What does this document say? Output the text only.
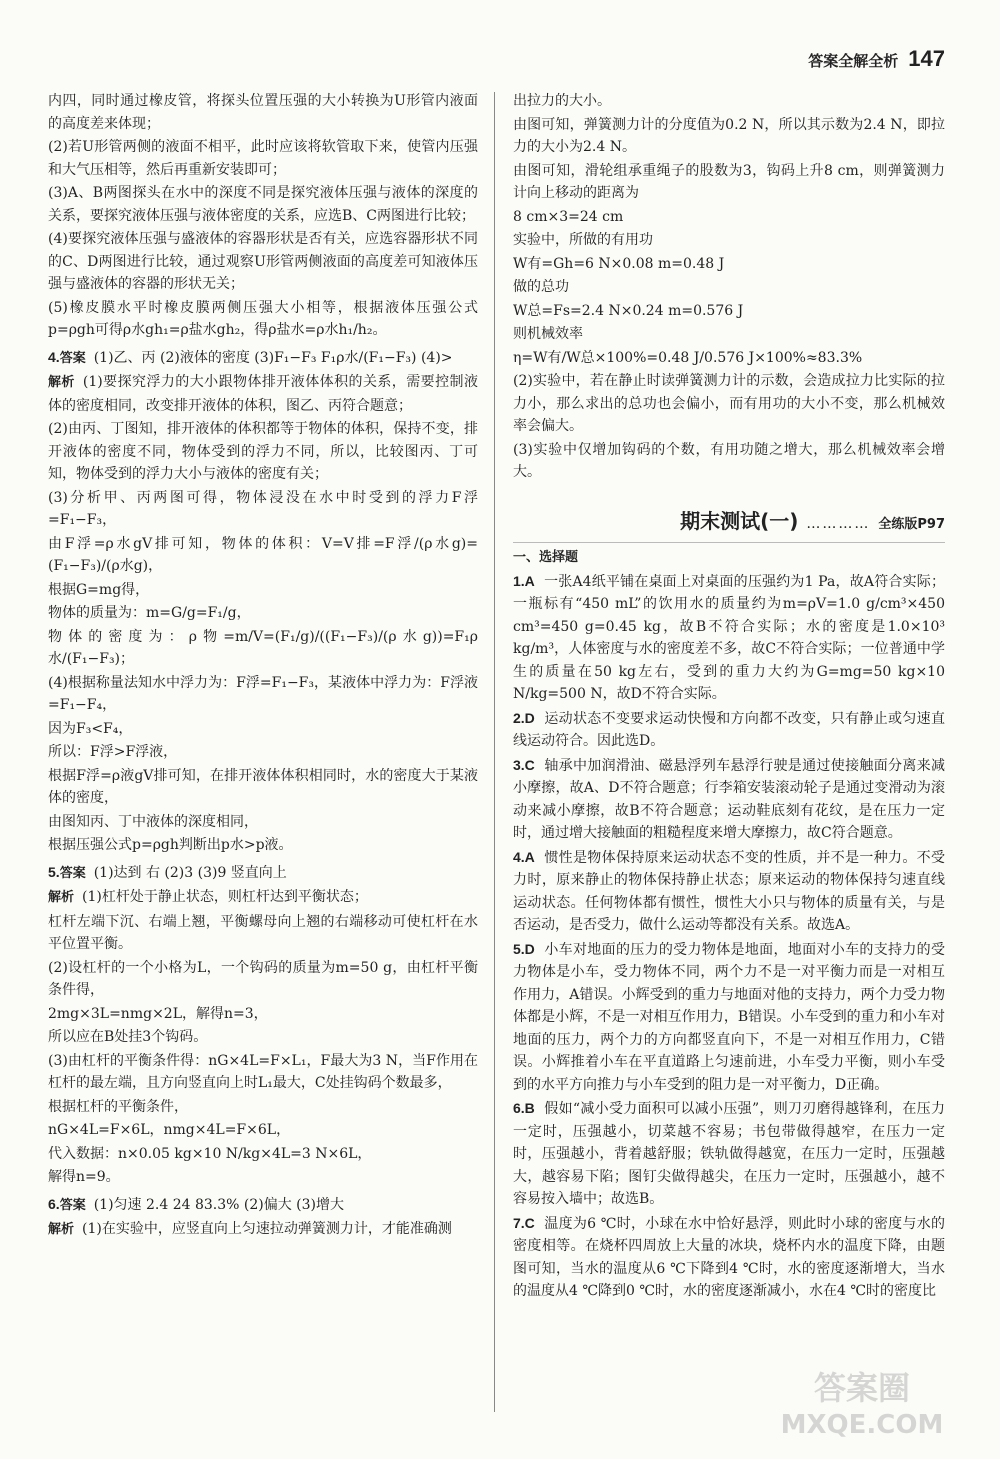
答案全解全析 147

内四，同时通过橡皮管，将探头位置压强的大小转换为U形管内液面的高度差来体现；

(2)若U形管两侧的液面不相平，此时应该将软管取下来，使管内压强和大气压相等，然后再重新安装即可；

(3)A、B两图探头在水中的深度不同是探究液体压强与液体的深度的关系，要探究液体压强与液体密度的关系，应选B、C两图进行比较；

(4)要探究液体压强与盛液体的容器形状是否有关，应选容器形状不同的C、D两图进行比较，通过观察U形管两侧液面的高度差可知液体压强与盛液体的容器的形状无关；

(5)橡皮膜水平时橡皮膜两侧压强大小相等，根据液体压强公式p=ρgh可得ρ水gh₁=ρ盐水gh₂，得ρ盐水=ρ水h₁/h₂。

4.答案 (1)乙、丙 (2)液体的密度 (3)F₁−F₃ F₁ρ水/(F₁−F₃) (4)>

解析 (1)要探究浮力的大小跟物体排开液体体积的关系，需要控制液体的密度相同，改变排开液体的体积，图乙、丙符合题意；

(2)由丙、丁图知，排开液体的体积都等于物体的体积，保持不变，排开液体的密度不同，物体受到的浮力不同，所以，比较图丙、丁可知，物体受到的浮力大小与液体的密度有关；

(3)分析甲、丙两图可得，物体浸没在水中时受到的浮力F浮=F₁−F₃，

由F浮=ρ水gV排可知，物体的体积：V=V排=F浮/(ρ水g)=(F₁−F₃)/(ρ水g)，

根据G=mg得，

物体的质量为：m=G/g=F₁/g，

物体的密度为：ρ物=m/V=(F₁/g)/((F₁−F₃)/(ρ水g))=F₁ρ水/(F₁−F₃)；

(4)根据称量法知水中浮力为：F浮=F₁−F₃，某液体中浮力为：F浮液=F₁−F₄，

因为F₃<F₄，

所以：F浮>F浮液，

根据F浮=ρ液gV排可知，在排开液体体积相同时，水的密度大于某液体的密度，

由图知丙、丁中液体的深度相同，

根据压强公式p=ρgh判断出p水>p液。

5.答案 (1)达到 右 (2)3 (3)9 竖直向上

解析 (1)杠杆处于静止状态，则杠杆达到平衡状态；

杠杆左端下沉、右端上翘，平衡螺母向上翘的右端移动可使杠杆在水平位置平衡。

(2)设杠杆的一个小格为L，一个钩码的质量为m=50 g，由杠杆平衡条件得，

2mg×3L=nmg×2L，解得n=3，

所以应在B处挂3个钩码。

(3)由杠杆的平衡条件得：nG×4L=F×L₁，F最大为3 N，当F作用在杠杆的最左端，且方向竖直向上时L₁最大，C处挂钩码个数最多，

根据杠杆的平衡条件，

nG×4L=F×6L，nmg×4L=F×6L，

代入数据：n×0.05 kg×10 N/kg×4L=3 N×6L，

解得n=9。

6.答案 (1)匀速 2.4 24 83.3% (2)偏大 (3)增大

解析 (1)在实验中，应竖直向上匀速拉动弹簧测力计，才能准确测

出拉力的大小。

由图可知，弹簧测力计的分度值为0.2 N，所以其示数为2.4 N，即拉力的大小为2.4 N。

由图可知，滑轮组承重绳子的股数为3，钩码上升8 cm，则弹簧测力计向上移动的距离为

8 cm×3=24 cm

实验中，所做的有用功

W有=Gh=6 N×0.08 m=0.48 J

做的总功

W总=Fs=2.4 N×0.24 m=0.576 J

则机械效率

η=W有/W总×100%=0.48 J/0.576 J×100%≈83.3%

(2)实验中，若在静止时读弹簧测力计的示数，会造成拉力比实际的拉力小，那么求出的总功也会偏小，而有用功的大小不变，那么机械效率会偏大。

(3)实验中仅增加钩码的个数，有用功随之增大，那么机械效率会增大。

期末测试(一) ………… 全练版P97
一、选择题

1.A 一张A4纸平铺在桌面上对桌面的压强约为1 Pa，故A符合实际；一瓶标有“450 mL”的饮用水的质量约为m=ρV=1.0 g/cm³×450 cm³=450 g=0.45 kg，故B不符合实际；水的密度是1.0×10³ kg/m³，人体密度与水的密度差不多，故C不符合实际；一位普通中学生的质量在50 kg左右，受到的重力大约为G=mg=50 kg×10 N/kg=500 N，故D不符合实际。

2.D 运动状态不变要求运动快慢和方向都不改变，只有静止或匀速直线运动符合。因此选D。

3.C 轴承中加润滑油、磁悬浮列车悬浮行驶是通过使接触面分离来减小摩擦，故A、D不符合题意；行李箱安装滚动轮子是通过变滑动为滚动来减小摩擦，故B不符合题意；运动鞋底刻有花纹，是在压力一定时，通过增大接触面的粗糙程度来增大摩擦力，故C符合题意。

4.A 惯性是物体保持原来运动状态不变的性质，并不是一种力。不受力时，原来静止的物体保持静止状态；原来运动的物体保持匀速直线运动状态。任何物体都有惯性，惯性大小只与物体的质量有关，与是否运动，是否受力，做什么运动等都没有关系。故选A。

5.D 小车对地面的压力的受力物体是地面，地面对小车的支持力的受力物体是小车，受力物体不同，两个力不是一对平衡力而是一对相互作用力，A错误。小辉受到的重力与地面对他的支持力，两个力受力物体都是小辉，不是一对相互作用力，B错误。小车受到的重力和小车对地面的压力，两个力的方向都竖直向下，不是一对相互作用力，C错误。小辉推着小车在平直道路上匀速前进，小车受力平衡，则小车受到的水平方向推力与小车受到的阻力是一对平衡力，D正确。

6.B 假如“减小受力面积可以减小压强”，则刀刃磨得越锋利，在压力一定时，压强越小，切菜越不容易；书包带做得越窄，在压力一定时，压强越小，背着越舒服；铁轨做得越宽，在压力一定时，压强越大，越容易下陷；图钉尖做得越尖，在压力一定时，压强越小，越不容易按入墙中；故选B。

7.C 温度为6 ℃时，小球在水中恰好悬浮，则此时小球的密度与水的密度相等。在烧杯四周放上大量的冰块，烧杯内水的温度下降，由题图可知，当水的温度从6 ℃下降到4 ℃时，水的密度逐渐增大，当水的温度从4 ℃降到0 ℃时，水的密度逐渐减小，水在4 ℃时的密度比

答案圈
MXQE.COM
